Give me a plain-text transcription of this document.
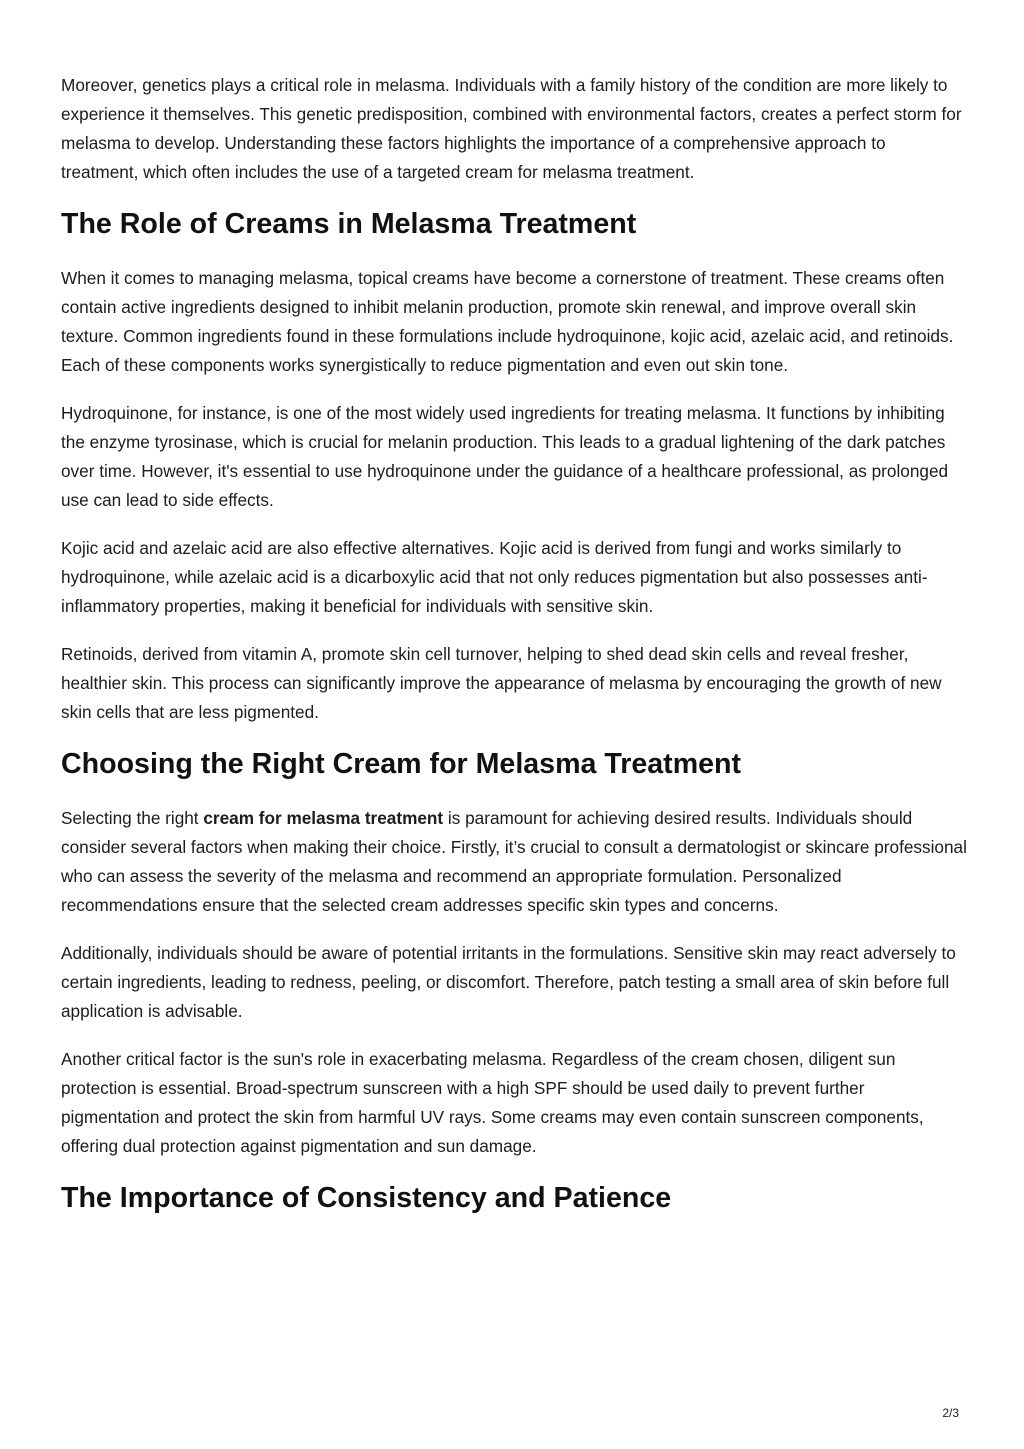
Moreover, genetics plays a critical role in melasma. Individuals with a family history of the condition are more likely to experience it themselves. This genetic predisposition, combined with environmental factors, creates a perfect storm for melasma to develop. Understanding these factors highlights the importance of a comprehensive approach to treatment, which often includes the use of a targeted cream for melasma treatment.

The Role of Creams in Melasma Treatment

When it comes to managing melasma, topical creams have become a cornerstone of treatment. These creams often contain active ingredients designed to inhibit melanin production, promote skin renewal, and improve overall skin texture. Common ingredients found in these formulations include hydroquinone, kojic acid, azelaic acid, and retinoids. Each of these components works synergistically to reduce pigmentation and even out skin tone.

Hydroquinone, for instance, is one of the most widely used ingredients for treating melasma. It functions by inhibiting the enzyme tyrosinase, which is crucial for melanin production. This leads to a gradual lightening of the dark patches over time. However, it's essential to use hydroquinone under the guidance of a healthcare professional, as prolonged use can lead to side effects.

Kojic acid and azelaic acid are also effective alternatives. Kojic acid is derived from fungi and works similarly to hydroquinone, while azelaic acid is a dicarboxylic acid that not only reduces pigmentation but also possesses anti-inflammatory properties, making it beneficial for individuals with sensitive skin.

Retinoids, derived from vitamin A, promote skin cell turnover, helping to shed dead skin cells and reveal fresher, healthier skin. This process can significantly improve the appearance of melasma by encouraging the growth of new skin cells that are less pigmented.

Choosing the Right Cream for Melasma Treatment

Selecting the right cream for melasma treatment is paramount for achieving desired results. Individuals should consider several factors when making their choice. Firstly, it’s crucial to consult a dermatologist or skincare professional who can assess the severity of the melasma and recommend an appropriate formulation. Personalized recommendations ensure that the selected cream addresses specific skin types and concerns.

Additionally, individuals should be aware of potential irritants in the formulations. Sensitive skin may react adversely to certain ingredients, leading to redness, peeling, or discomfort. Therefore, patch testing a small area of skin before full application is advisable.

Another critical factor is the sun's role in exacerbating melasma. Regardless of the cream chosen, diligent sun protection is essential. Broad-spectrum sunscreen with a high SPF should be used daily to prevent further pigmentation and protect the skin from harmful UV rays. Some creams may even contain sunscreen components, offering dual protection against pigmentation and sun damage.

The Importance of Consistency and Patience
2/3
